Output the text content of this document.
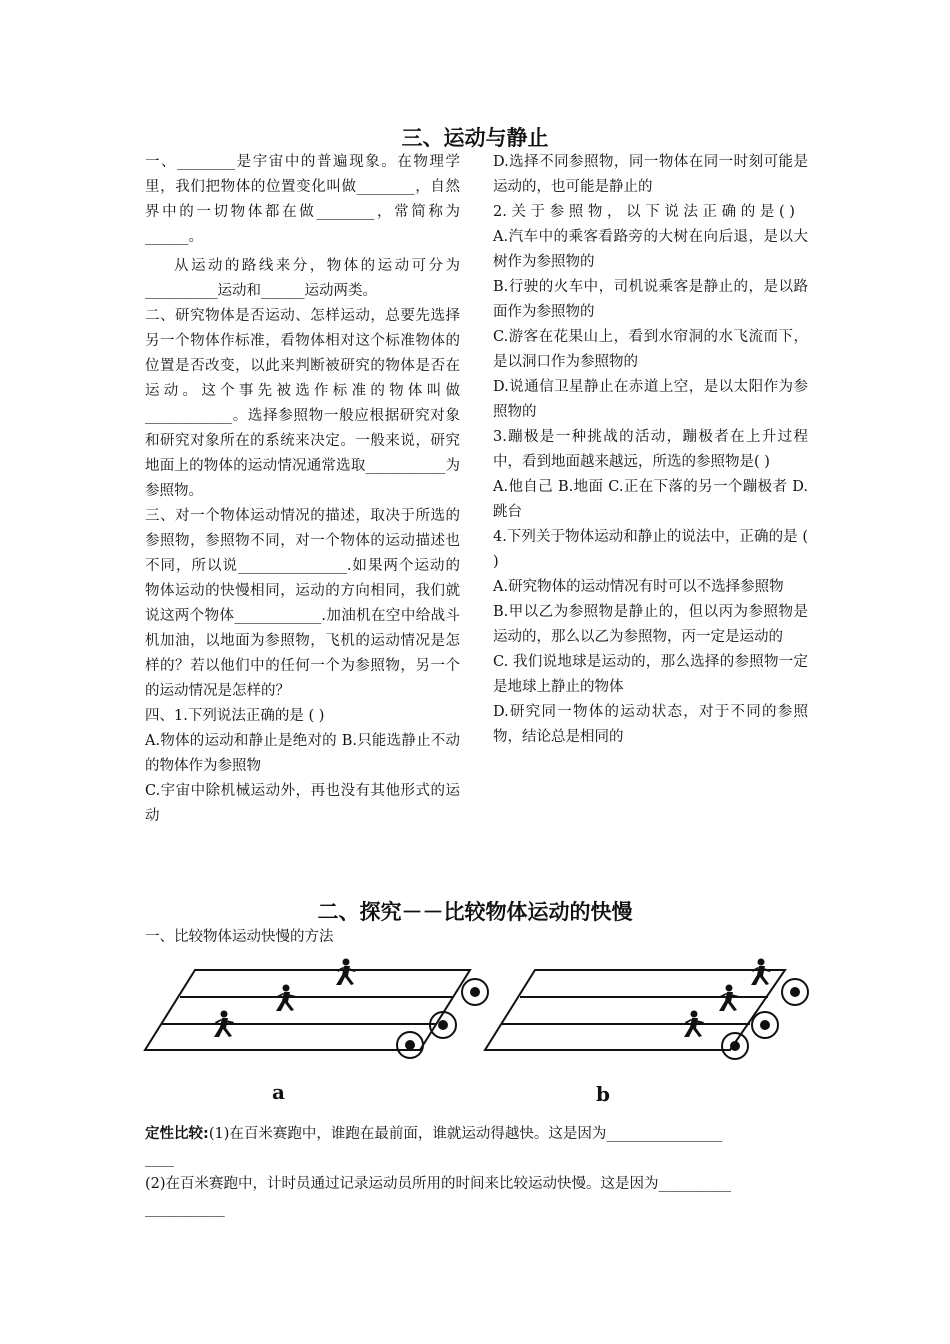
三、运动与静止

一、________是宇宙中的普遍现象。在物理学里，我们把物体的位置变化叫做________，自然界中的一切物体都在做________，常简称为______。

从运动的路线来分，物体的运动可分为__________运动和______运动两类。

二、研究物体是否运动、怎样运动，总要先选择另一个物体作标准，看物体相对这个标准物体的位置是否改变，以此来判断被研究的物体是否在运动。这个事先被选作标准的物体叫做____________。选择参照物一般应根据研究对象和研究对象所在的系统来决定。一般来说，研究地面上的物体的运动情况通常选取___________为参照物。

三、对一个物体运动情况的描述，取决于所选的参照物，参照物不同，对一个物体的运动描述也不同，所以说_______________.如果两个运动的物体运动的快慢相同，运动的方向相同，我们就说这两个物体____________.加油机在空中给战斗机加油，以地面为参照物，飞机的运动情况是怎样的？若以他们中的任何一个为参照物，另一个的运动情况是怎样的？

四、1.下列说法正确的是 ( )

A.物体的运动和静止是绝对的 B.只能选静止不动的物体作为参照物

C.宇宙中除机械运动外，再也没有其他形式的运动

D.选择不同参照物，同一物体在同一时刻可能是运动的，也可能是静止的

2. 关 于 参 照 物 ， 以 下 说 法 正 确 的 是 ( )

A.汽车中的乘客看路旁的大树在向后退，是以大树作为参照物的

B.行驶的火车中，司机说乘客是静止的，是以路面作为参照物的

C.游客在花果山上，看到水帘洞的水飞流而下，是以洞口作为参照物的

D.说通信卫星静止在赤道上空，是以太阳作为参照物的

3.蹦极是一种挑战的活动，蹦极者在上升过程中，看到地面越来越远，所选的参照物是( )

A.他自己 B.地面 C.正在下落的另一个蹦极者 D.跳台

4.下列关于物体运动和静止的说法中，正确的是 ( )

A.研究物体的运动情况有时可以不选择参照物

B.甲以乙为参照物是静止的，但以丙为参照物是运动的，那么以乙为参照物，丙一定是运动的

C. 我们说地球是运动的，那么选择的参照物一定是地球上静止的物体

D.研究同一物体的运动状态，对于不同的参照物，结论总是相同的

二、探究－－比较物体运动的快慢
一、比较物体运动快慢的方法
a	b
定性比较:(1)在百米赛跑中，谁跑在最前面，谁就运动得越快。这是因为________________
____
(2)在百米赛跑中，计时员通过记录运动员所用的时间来比较运动快慢。这是因为__________
___________
